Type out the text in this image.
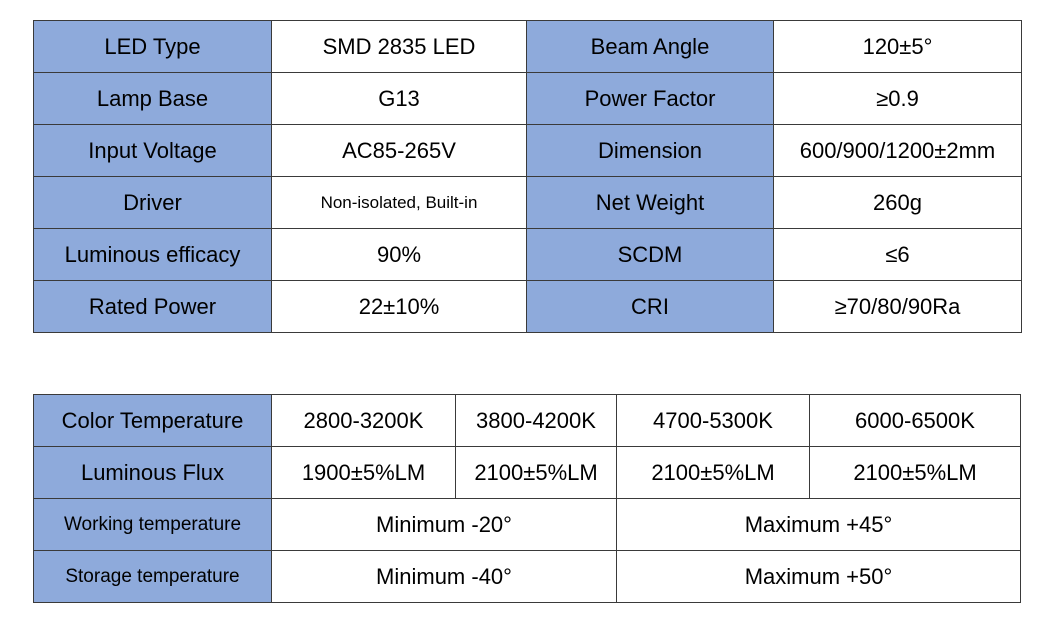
LED Type	SMD 2835 LED	Beam Angle	120±5°
Lamp Base	G13	Power Factor	≥0.9
Input Voltage	AC85-265V	Dimension	600/900/1200±2mm
Driver	Non-isolated, Built-in	Net Weight	260g
Luminous efficacy	90%	SCDM	≤6
Rated Power	22±10%	CRI	≥70/80/90Ra
Color Temperature	2800-3200K	3800-4200K	4700-5300K	6000-6500K
Luminous Flux	1900±5%LM	2100±5%LM	2100±5%LM	2100±5%LM
Working temperature	Minimum -20°		Maximum +45°	
Storage temperature	Minimum -40°		Maximum +50°	
